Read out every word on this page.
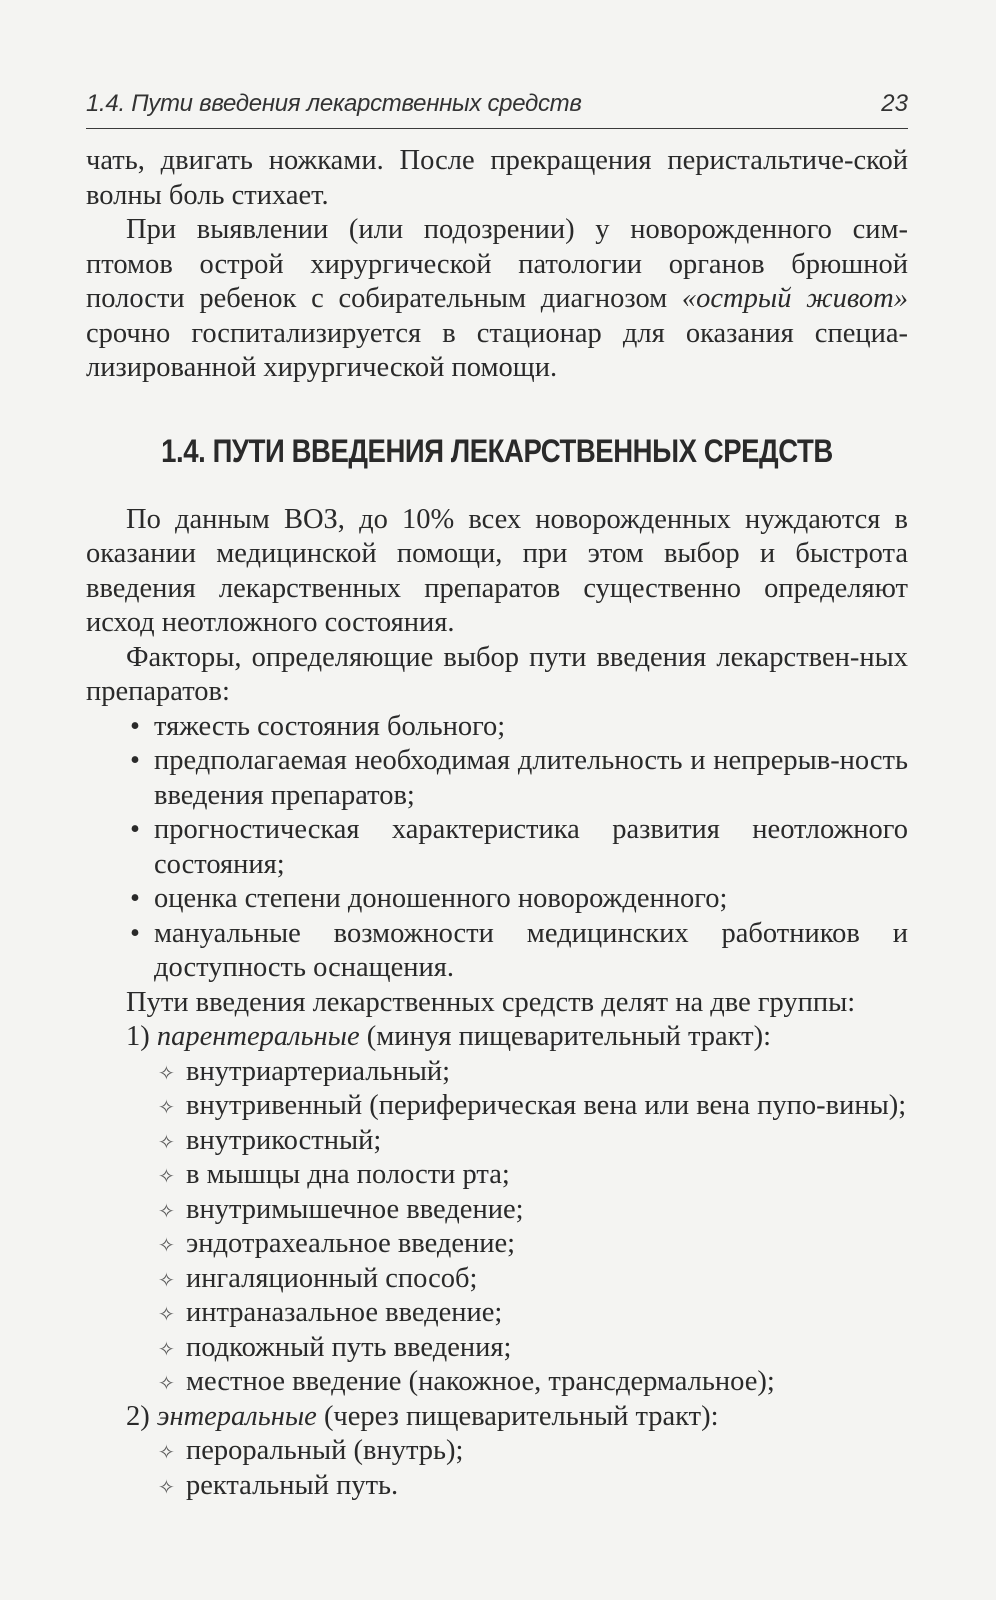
1.4. Пути введения лекарственных средств	23

чать, двигать ножками. После прекращения перистальтиче-ской волны боль стихает.

При выявлении (или подозрении) у новорожденного сим-птомов острой хирургической патологии органов брюшной полости ребенок с собирательным диагнозом «острый живот» срочно госпитализируется в стационар для оказания специа-лизированной хирургической помощи.

1.4. ПУТИ ВВЕДЕНИЯ ЛЕКАРСТВЕННЫХ СРЕДСТВ

По данным ВОЗ, до 10% всех новорожденных нуждаются в оказании медицинской помощи, при этом выбор и быстрота введения лекарственных препаратов существенно определяют исход неотложного состояния.

Факторы, определяющие выбор пути введения лекарствен-ных препаратов:

• тяжесть состояния больного;
• предполагаемая необходимая длительность и непрерыв-ность введения препаратов;
• прогностическая характеристика развития неотложного состояния;
• оценка степени доношенного новорожденного;
• мануальные возможности медицинских работников и доступность оснащения.

Пути введения лекарственных средств делят на две группы:

1) парентеральные (минуя пищеварительный тракт):
✧ внутриартериальный;
✧ внутривенный (периферическая вена или вена пупо-вины);
✧ внутрикостный;
✧ в мышцы дна полости рта;
✧ внутримышечное введение;
✧ эндотрахеальное введение;
✧ ингаляционный способ;
✧ интраназальное введение;
✧ подкожный путь введения;
✧ местное введение (накожное, трансдермальное);
2) энтеральные (через пищеварительный тракт):
✧ пероральный (внутрь);
✧ ректальный путь.
